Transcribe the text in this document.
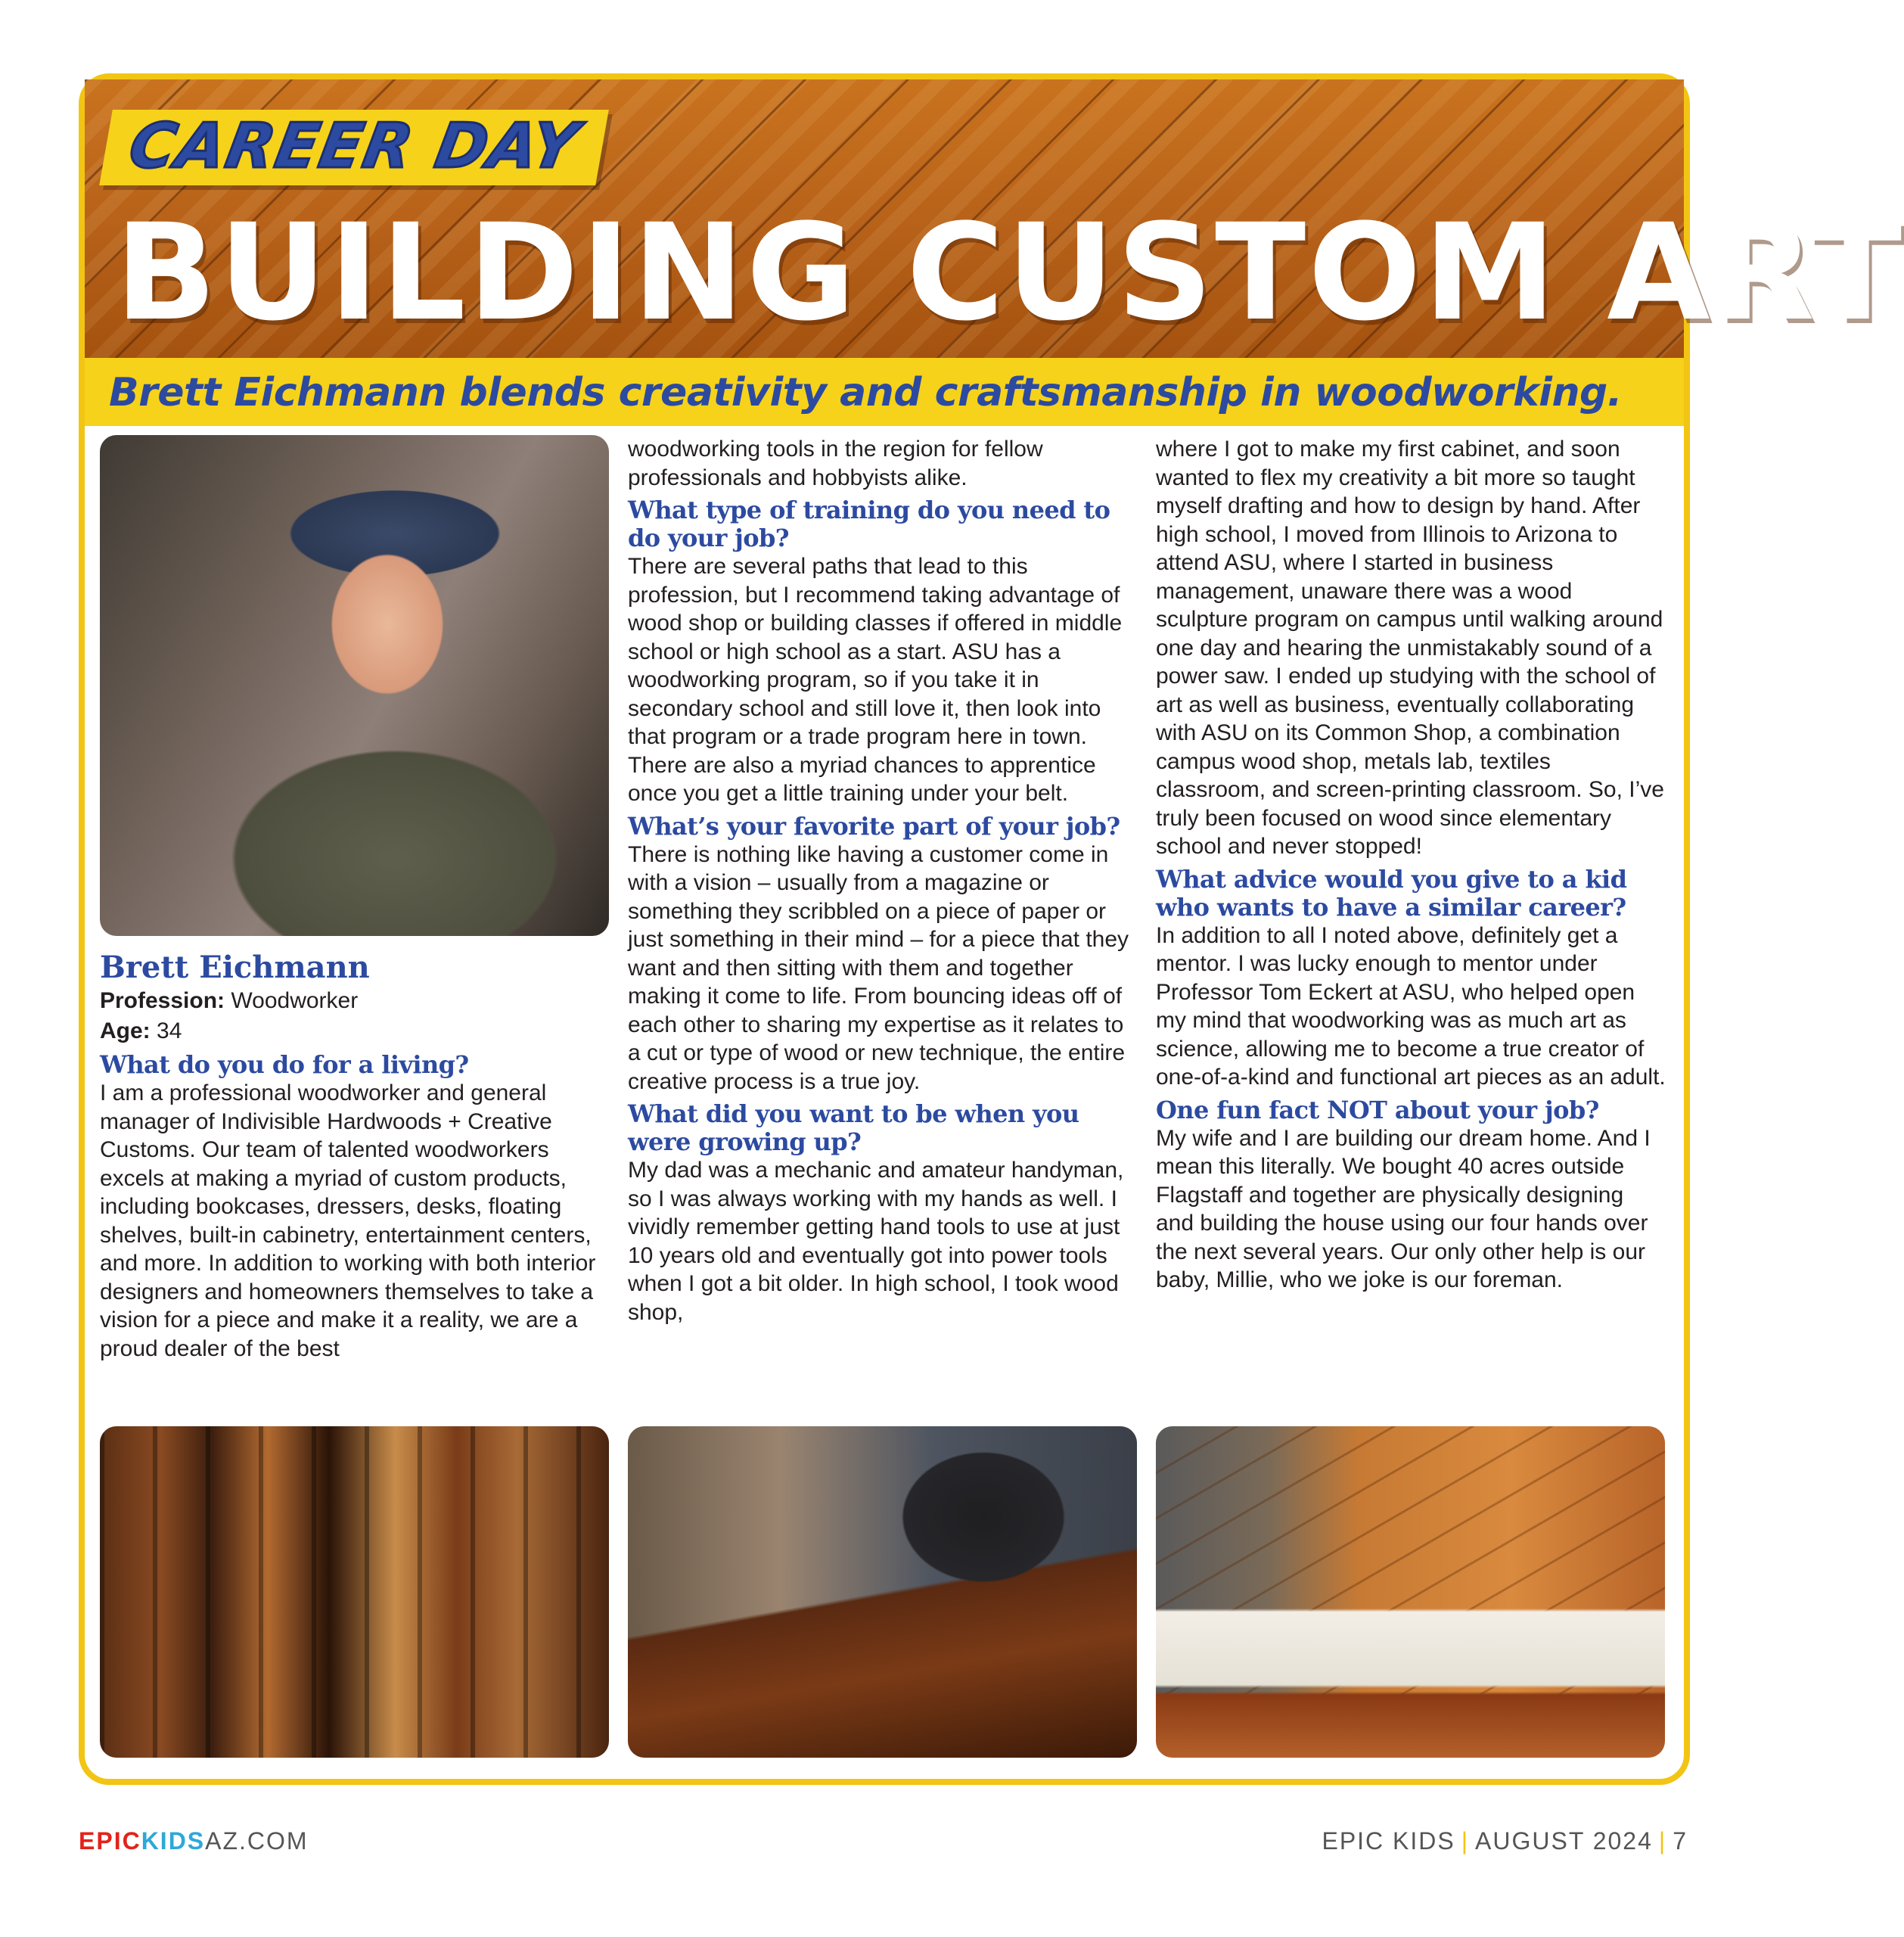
CAREER DAY
BUILDING CUSTOM ART
Brett Eichmann blends creativity and craftsmanship in woodworking.

Brett Eichmann

Profession: Woodworker

Age: 34

What do you do for a living?

I am a professional woodworker and general manager of Indivisible Hardwoods + Creative Customs. Our team of talented woodworkers excels at making a myriad of custom products, including bookcases, dressers, desks, floating shelves, built-in cabinetry, entertainment centers, and more. In addition to working with both interior designers and homeowners themselves to take a vision for a piece and make it a reality, we are a proud dealer of the best

woodworking tools in the region for fellow professionals and hobbyists alike.

What type of training do you need to do your job?

There are several paths that lead to this profession, but I recommend taking advantage of wood shop or building classes if offered in middle school or high school as a start. ASU has a woodworking program, so if you take it in secondary school and still love it, then look into that program or a trade program here in town. There are also a myriad chances to apprentice once you get a little training under your belt.

What’s your favorite part of your job?

There is nothing like having a customer come in with a vision – usually from a magazine or something they scribbled on a piece of paper or just something in their mind – for a piece that they want and then sitting with them and together making it come to life. From bouncing ideas off of each other to sharing my expertise as it relates to a cut or type of wood or new technique, the entire creative process is a true joy.

What did you want to be when you were growing up?

My dad was a mechanic and amateur handyman, so I was always working with my hands as well. I vividly remember getting hand tools to use at just 10 years old and eventually got into power tools when I got a bit older. In high school, I took wood shop,

where I got to make my first cabinet, and soon wanted to flex my creativity a bit more so taught myself drafting and how to design by hand. After high school, I moved from Illinois to Arizona to attend ASU, where I started in business management, unaware there was a wood sculpture program on campus until walking around one day and hearing the unmistakably sound of a power saw. I ended up studying with the school of art as well as business, eventually collaborating with ASU on its Common Shop, a combination campus wood shop, metals lab, textiles classroom, and screen-printing classroom. So, I’ve truly been focused on wood since elementary school and never stopped!

What advice would you give to a kid who wants to have a similar career?

In addition to all I noted above, definitely get a mentor. I was lucky enough to mentor under Professor Tom Eckert at ASU, who helped open my mind that woodworking was as much art as science, allowing me to become a true creator of one-of-a-kind and functional art pieces as an adult.

One fun fact NOT about your job?

My wife and I are building our dream home. And I mean this literally. We bought 40 acres outside Flagstaff and together are physically designing and building the house using our four hands over the next several years. Our only other help is our baby, Millie, who we joke is our foreman.

EPICKIDSAZ.COM	EPIC KIDS | AUGUST 2024 | 7
